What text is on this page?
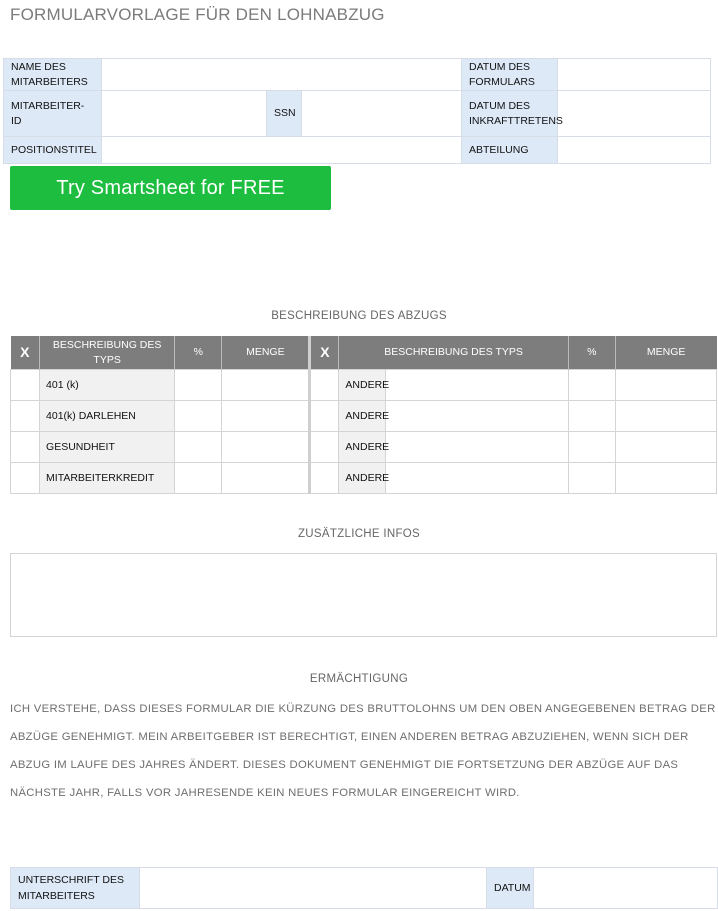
FORMULARVORLAGE FÜR DEN LOHNABZUG
NAME DES MITARBEITERS				DATUM DES FORMULARS	
MITARBEITER-ID		SSN		DATUM DES INKRAFTTRETENS	
POSITIONSTITEL				ABTEILUNG	
Try Smartsheet for FREE
BESCHREIBUNG DES ABZUGS
X	BESCHREIBUNG DES TYPS	%	MENGE	X	BESCHREIBUNG DES TYPS		%	MENGE
	401 (k)				ANDERE			
	401(k) DARLEHEN				ANDERE			
	GESUNDHEIT				ANDERE			
	MITARBEITERKREDIT				ANDERE			
ZUSÄTZLICHE INFOS
ERMÄCHTIGUNG
ICH VERSTEHE, DASS DIESES FORMULAR DIE KÜRZUNG DES BRUTTOLOHNS UM DEN OBEN ANGEGEBENEN BETRAG DER ABZÜGE GENEHMIGT. MEIN ARBEITGEBER IST BERECHTIGT, EINEN ANDEREN BETRAG ABZUZIEHEN, WENN SICH DER ABZUG IM LAUFE DES JAHRES ÄNDERT. DIESES DOKUMENT GENEHMIGT DIE FORTSETZUNG DER ABZÜGE AUF DAS NÄCHSTE JAHR, FALLS VOR JAHRESENDE KEIN NEUES FORMULAR EINGEREICHT WIRD.
UNTERSCHRIFT DES MITARBEITERS		DATUM	
